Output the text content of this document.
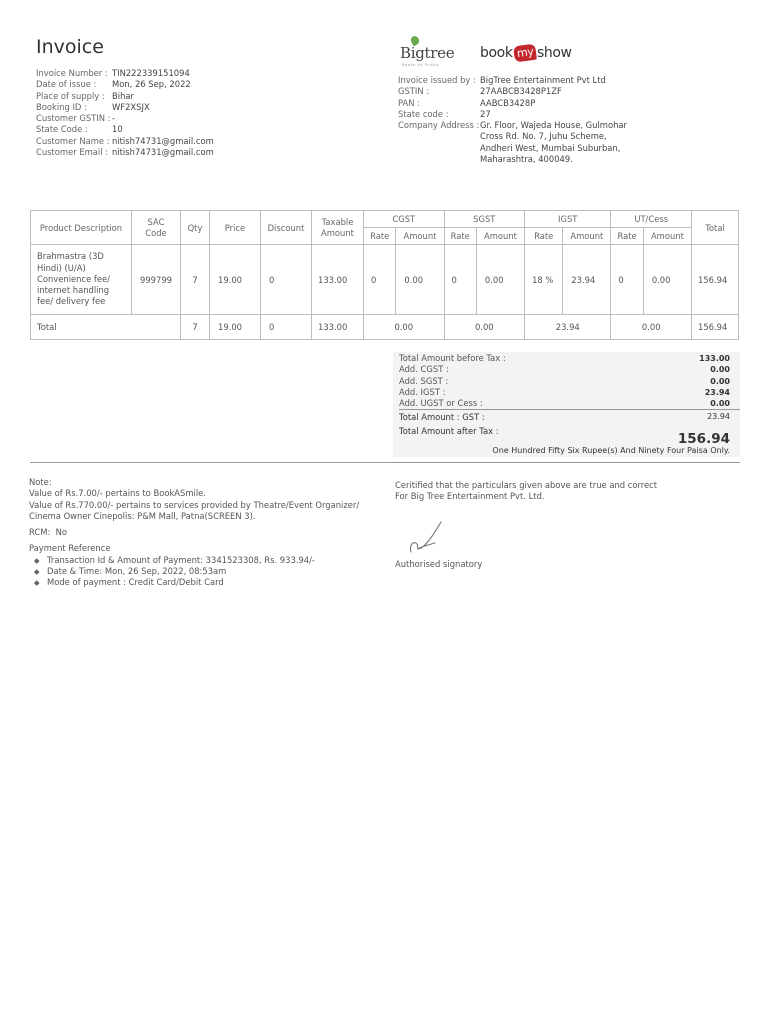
Invoice	Bigtree
Roots to Fruits
book my show
Invoice Number : TIN222339151094
Date of issue :	Mon, 26 Sep, 2022
Place of supply : Bihar
Booking ID :	WF2XSJX
Customer GSTIN : -
State Code :	10
Customer Name : nitish74731@gmail.com
Customer Email : nitish74731@gmail.com
Invoice issued by : BigTree Entertainment Pvt Ltd
GSTIN :	27AABCB3428P1ZF
PAN :	AABCB3428P
State code :	27
Company Address : Gr. Floor, Wajeda House, Gulmohar Cross Rd. No. 7, Juhu Scheme, Andheri West, Mumbai Suburban, Maharashtra, 400049.
Product Description	SAC Code	Qty	Price	Discount	Taxable Amount	CGST		SGST		IGST		UT/Cess		Total
						Rate	Amount	Rate	Amount	Rate	Amount	Rate	Amount	
Brahmastra (3D Hindi) (U/A) Convenience fee/ internet handling fee/ delivery fee	999799	7	19.00	0	133.00	0	0.00	0	0.00	18 %	23.94	0	0.00	156.94
Total		7	19.00	0	133.00	0.00		0.00		23.94		0.00		156.94
Total Amount before Tax :	133.00
Add. CGST :	0.00
Add. SGST :	0.00
Add. IGST :	23.94
Add. UGST or Cess :	0.00
Total Amount : GST :	23.94
Total Amount after Tax :	156.94
One Hundred Fifty Six Rupee(s) And Ninety Four Paisa Only.

Note:

Value of Rs.7.00/- pertains to BookASmile.

Value of Rs.770.00/- pertains to services provided by Theatre/Event Organizer/ Cinema Owner Cinepolis: P&M Mall, Patna(SCREEN 3).

RCM: No

Payment Reference

Transaction Id & Amount of Payment: 3341523308, Rs. 933.94/-
Date & Time: Mon, 26 Sep, 2022, 08:53am
Mode of payment : Credit Card/Debit Card
Ceritified that the particulars given above are true and correct
For Big Tree Entertainment Pvt. Ltd.
Authorised signatory
